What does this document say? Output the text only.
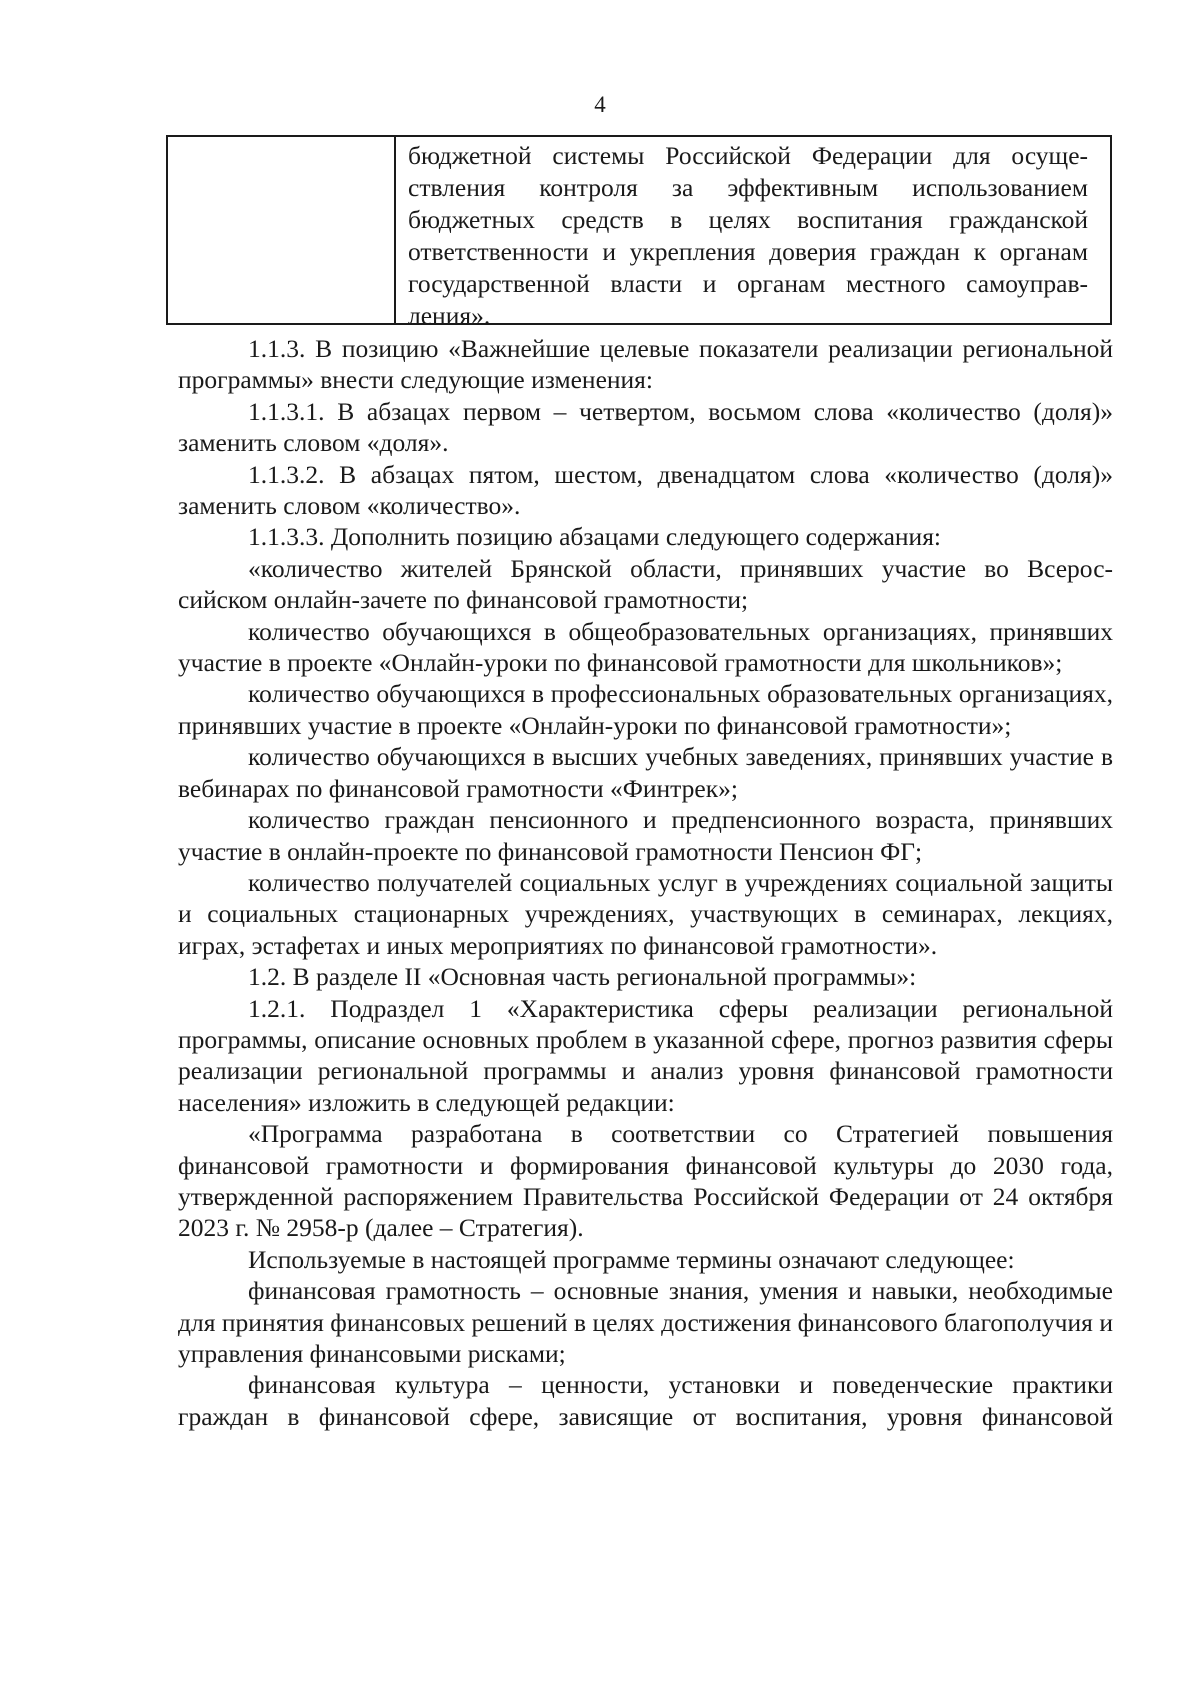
4
бюджетной системы Российской Федерации для осуще-ствления контроля за эффективным использованием бюджетных средств в целях воспитания гражданской ответственности и укрепления доверия граждан к органам государственной власти и органам местного самоуправ-ления».

1.1.3. В позицию «Важнейшие целевые показатели реализации региональной программы» внести следующие изменения:

1.1.3.1. В абзацах первом – четвертом, восьмом слова «количество (доля)» заменить словом «доля».

1.1.3.2. В абзацах пятом, шестом, двенадцатом слова «количество (доля)» заменить словом «количество».

1.1.3.3. Дополнить позицию абзацами следующего содержания:

«количество жителей Брянской области, принявших участие во Всерос-сийском онлайн-зачете по финансовой грамотности;

количество обучающихся в общеобразовательных организациях, принявших участие в проекте «Онлайн-уроки по финансовой грамотности для школьников»;

количество обучающихся в профессиональных образовательных организациях, принявших участие в проекте «Онлайн-уроки по финансовой грамотности»;

количество обучающихся в высших учебных заведениях, принявших участие в вебинарах по финансовой грамотности «Финтрек»;

количество граждан пенсионного и предпенсионного возраста, принявших участие в онлайн-проекте по финансовой грамотности Пенсион ФГ;

количество получателей социальных услуг в учреждениях социальной защиты и социальных стационарных учреждениях, участвующих в семинарах, лекциях, играх, эстафетах и иных мероприятиях по финансовой грамотности».

1.2. В разделе II «Основная часть региональной программы»:

1.2.1. Подраздел 1 «Характеристика сферы реализации региональной программы, описание основных проблем в указанной сфере, прогноз развития сферы реализации региональной программы и анализ уровня финансовой грамотности населения» изложить в следующей редакции:

«Программа разработана в соответствии со Стратегией повышения финансовой грамотности и формирования финансовой культуры до 2030 года, утвержденной распоряжением Правительства Российской Федерации от 24 октября 2023 г. № 2958-р (далее – Стратегия).

Используемые в настоящей программе термины означают следующее:

финансовая грамотность – основные знания, умения и навыки, необходимые для принятия финансовых решений в целях достижения финансового благополучия и управления финансовыми рисками;

финансовая культура – ценности, установки и поведенческие практики граждан в финансовой сфере, зависящие от воспитания, уровня финансовой
